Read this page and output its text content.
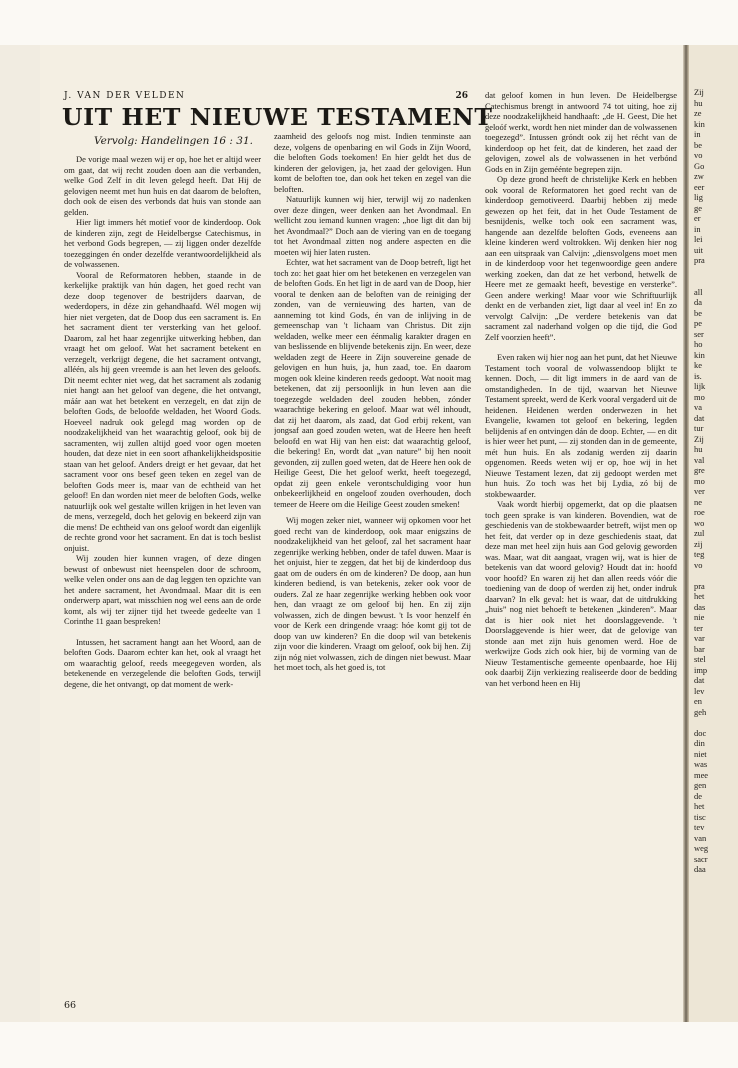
J. VAN DER VELDEN	26
UIT HET NIEUWE TESTAMENT
Vervolg: Handelingen 16 : 31.

De vorige maal wezen wij er op, hoe het er altijd weer om gaat, dat wij recht zouden doen aan die verbanden, welke God Zelf in dit leven gelegd heeft. Dat Hij de gelovigen neemt met hun huis en dat daarom de beloften, doch ook de eisen des verbonds dat huis van stonde aan gelden.

Hier ligt immers hét motief voor de kinderdoop. Ook de kinderen zijn, zegt de Heidelbergse Catechismus, in het verbond Gods begrepen, — zij liggen onder dezelfde toezeggingen én onder dezelfde verantwoordelijkheid als de volwassenen.

Vooral de Reformatoren hebben, staande in de kerkelijke praktijk van hún dagen, het goed recht van deze doop tegenover de bestrijders daarvan, de wederdopers, in déze zin gehandhaafd. Wél mogen wij hier niet vergeten, dat de Doop dus een sacrament is. En het sacrament dient ter versterking van het geloof. Daarom, zal het haar zegenrijke uitwerking hebben, dan vraagt het om geloof. Wat het sacrament betekent en verzegelt, verkrijgt degene, die het sacrament ontvangt, alléén, als hij geen vreemde is aan het leven des geloofs. Dit neemt echter niet weg, dat het sacrament als zodanig niet hangt aan het geloof van degene, die het ontvangt, máár aan wat het betekent en verzegelt, en dat zijn de beloften Gods, de beloofde weldaden, het Woord Gods. Hoeveel nadruk ook gelegd mag worden op de noodzakelijkheid van het waarachtig geloof, ook bij de sacramenten, wij zullen altijd goed voor ogen moeten houden, dat deze niet in een soort afhankelijkheidspositie staan van het geloof. Anders dreigt er het gevaar, dat het sacrament voor ons besef geen teken en zegel van de beloften Gods meer is, maar van de echtheid van het geloof! En dan worden niet meer de beloften Gods, welke natuurlijk ook wel gestalte willen krijgen in het leven van de mens, verzegeld, doch het gelovig en bekeerd zijn van die mens! De echtheid van ons geloof wordt dan eigenlijk de rechte grond voor het sacrament. En dat is toch beslist onjuist.

Wij zouden hier kunnen vragen, of deze dingen bewust of onbewust niet heenspelen door de schroom, welke velen onder ons aan de dag leggen ten opzichte van het andere sacrament, het Avondmaal. Maar dit is een onderwerp apart, wat misschien nog wel eens aan de orde komt, als wij ter zijner tijd het tweede gedeelte van 1 Corinthe 11 gaan bespreken!

Intussen, het sacrament hangt aan het Woord, aan de beloften Gods. Daarom echter kan het, ook al vraagt het om waarachtig geloof, reeds meegegeven worden, als betekenende en verzegelende die beloften Gods, terwijl degene, die het ontvangt, op dat moment de werk-

zaamheid des geloofs nog mist. Indien tenminste aan deze, volgens de openbaring en wil Gods in Zijn Woord, die beloften Gods toekomen! En hier geldt het dus de kinderen der gelovigen, ja, het zaad der gelovigen. Hun komt de beloften toe, dan ook het teken en zegel van die beloften.

Natuurlijk kunnen wij hier, terwijl wij zo nadenken over deze dingen, weer denken aan het Avondmaal. En wellicht zou iemand kunnen vragen: „hoe ligt dit dan bij het Avondmaal?” Doch aan de viering van en de toegang tot het Avondmaal zitten nog andere aspecten en die moeten wij hier laten rusten.

Echter, wat het sacrament van de Doop betreft, ligt het toch zo: het gaat hier om het betekenen en verzegelen van de beloften Gods. En het ligt in de aard van de Doop, hier vooral te denken aan de beloften van de reiniging der zonden, van de vernieuwing des harten, van de aanneming tot kind Gods, én van de inlijving in de gemeenschap van 't lichaam van Christus. Dit zijn weldaden, welke meer een éénmalig karakter dragen en van beslissende en blijvende betekenis zijn. En weer, deze weldaden zegt de Heere in Zijn souvereine genade de gelovigen en hun huis, ja, hun zaad, toe. En daarom mogen ook kleine kinderen reeds gedoopt. Wat nooit mag betekenen, dat zij persoonlijk in hun leven aan die toegezegde weldaden deel zouden hebben, zónder waarachtige bekering en geloof. Maar wat wél inhoudt, dat zij het daarom, als zaad, dat God erbij rekent, van jongsaf aan goed zouden weten, wat de Heere hen heeft beloofd en wat Hij van hen eist: dat waarachtig geloof, die bekering! En, wordt dat „van nature” bij hen nooit gevonden, zij zullen goed weten, dat de Heere hen ook de Heilige Geest, Die het geloof werkt, heeft toegezegd, opdat zij geen enkele verontschuldiging voor hun onbekeerlijkheid en ongeloof zouden overhouden, doch temeer de Heere om die Heilige Geest zouden smeken!

Wij mogen zeker niet, wanneer wij opkomen voor het goed recht van de kinderdoop, ook maar enigszins de noodzakelijkheid van het geloof, zal het sacrament haar zegenrijke werking hebben, onder de tafel duwen. Maar is het onjuist, hier te zeggen, dat het bij de kinderdoop dus gaat om de ouders én om de kinderen? De doop, aan hun kinderen bediend, is van betekenis, zeker ook voor de ouders. Zal ze haar zegenrijke werking hebben ook voor hen, dan vraagt ze om geloof bij hen. En zij zijn volwassen, zich de dingen bewust. 't Is voor henzelf én voor de Kerk een dringende vraag: hóe komt gij tot de doop van uw kinderen? En die doop wil van betekenis zijn voor die kinderen. Vraagt om geloof, ook bij hen. Zij zijn nóg niet volwassen, zich de dingen niet bewust. Maar het moet toch, als het goed is, tot

dat geloof komen in hun leven. De Heidelbergse Catechismus brengt in antwoord 74 tot uiting, hoe zij deze noodzakelijkheid handhaaft: „de H. Geest, Die het geloóf werkt, wordt hen niet minder dan de volwassenen toegezegd”. Intussen gróndt ook zij het récht van de kinderdoop op het feit, dat de kinderen, het zaad der gelovigen, zowel als de volwassenen in het verbónd Gods en in Zijn geméénte begrepen zijn.

Op deze grond heeft de christelijke Kerk en hebben ook vooral de Reformatoren het goed recht van de kinderdoop gemotiveerd. Daarbij hebben zij mede gewezen op het feit, dat in het Oude Testament de besnijdenis, welke toch ook een sacrament was, hangende aan dezelfde beloften Gods, eveneens aan kleine kinderen werd voltrokken. Wij denken hier nog aan een uitspraak van Calvijn: „diensvolgens moet men in de kinderdoop voor het tegenwoordige geen andere werking zoeken, dan dat ze het verbond, hetwelk de Heere met ze gemaakt heeft, bevestige en versterke”. Geen andere werking! Maar voor wie Schriftuurlijk denkt en de verbanden ziet, ligt daar al veel in! En zo vervolgt Calvijn: „De verdere betekenis van dat sacrament zal naderhand volgen op die tijd, die God Zelf voorzien heeft”.

Even raken wij hier nog aan het punt, dat het Nieuwe Testament toch vooral de volwassendoop blijkt te kennen. Doch, — dit ligt immers in de aard van de omstandigheden. In de tijd, waarvan het Nieuwe Testament spreekt, werd de Kerk vooral vergaderd uit de heidenen. Heidenen werden onderwezen in het Evangelie, kwamen tot geloof en bekering, legden belijdenis af en ontvingen dán de doop. Echter, — en dit is hier weer het punt, — zij stonden dan in de gemeente, mét hun huis. En als zodanig werden zij daarin opgenomen. Reeds weten wij er op, hoe wij in het Nieuwe Testament lezen, dat zij gedoopt werden met hun huis. Zo toch was het bij Lydia, zó bij de stokbewaarder.

Vaak wordt hierbij opgemerkt, dat op die plaatsen toch geen sprake is van kinderen. Bovendien, wat de geschiedenis van de stokbewaarder betreft, wijst men op het feit, dat verder op in deze geschiedenis staat, dat deze man met heel zijn huis aan God gelovig geworden was. Maar, wat dit aangaat, vragen wij, wat is hier de betekenis van dat woord gelovig? Houdt dat in: hoofd voor hoofd? En waren zij het dan allen reeds vóór die toediening van de doop of werden zij het, onder indruk daarvan? In elk geval: het is waar, dat de uitdrukking „huis” nog niet behoeft te betekenen „kinderen”. Maar dat is hier ook niet het doorslaggevende. 't Doorslaggevende is hier weer, dat de gelovige van stonde aan met zijn huis genomen werd. Hoe de werkwijze Gods zich ook hier, bij de vorming van de Nieuw Testamentische gemeente openbaarde, hoe Hij ook daarbij Zijn verkiezing realiseerde door de bedding van het verbond heen en Hij

66
Zij
hu
ze
kin
in
be
vo
Go
zw
eer
lig
ge
er
in
lei
uit
pra

all
da
be
pe
ser
ho
kin
ke
is.
lijk
mo
va
dat
tur
Zij
hu
val
gre
mo
ver
ne
roe
wo
zul
zij
teg
vo

pra
het
das
nie
ter
var
bar
stel
imp
dat
lev
en
geh

doc
din
niet
was
mee
gen
de
het
tisc
tev
van
weg
sacr
daa
